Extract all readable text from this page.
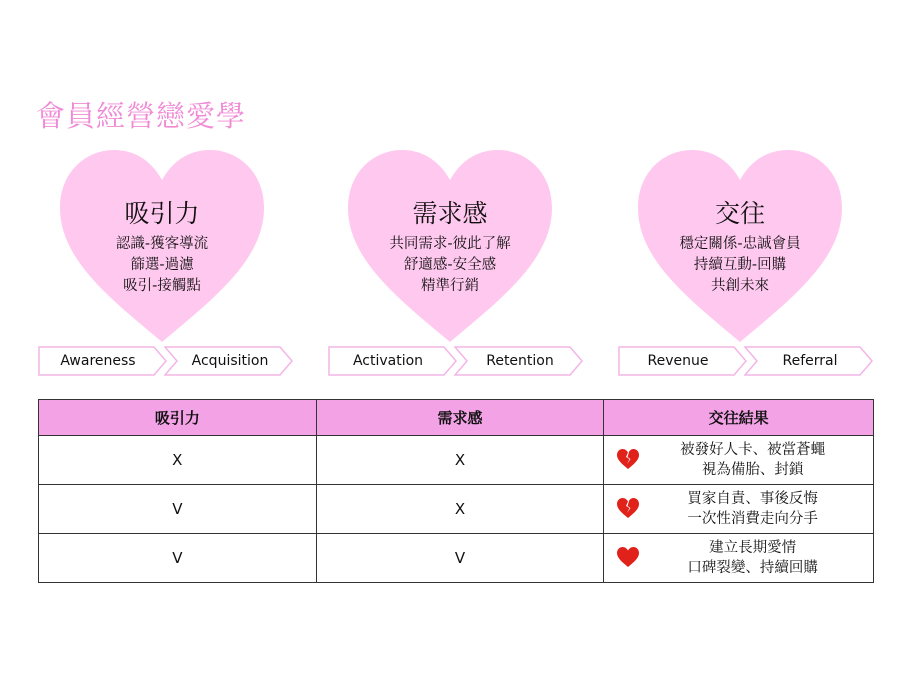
會員經營戀愛學
吸引力
認識-獲客導流
篩選-過濾
吸引-接觸點
需求感
共同需求-彼此了解
舒適感-安全感
精準行銷
交往
穩定關係-忠誠會員
持續互動-回購
共創未來
Awareness	Acquisition	Activation	Retention	Revenue	Referral
吸引力	需求感	交往結果
X	X	被發好人卡、被當蒼蠅
視為備胎、封鎖

V	X	買家自責、事後反悔
一次性消費走向分手

V	V	建立長期愛情
口碑裂變、持續回購
